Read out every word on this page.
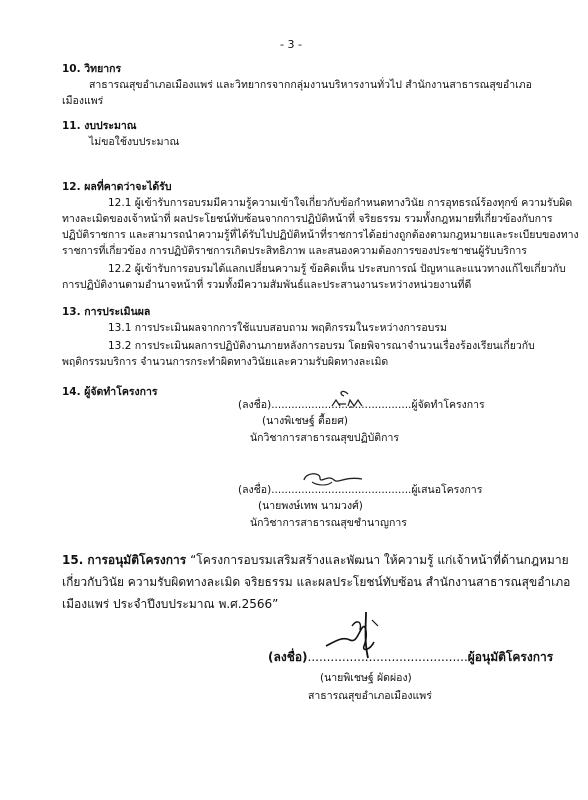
- 3 -
10. วิทยากร
สาธารณสุขอำเภอเมืองแพร่ และวิทยากรจากกลุ่มงานบริหารงานทั่วไป สำนักงานสาธารณสุขอำเภอ
เมืองแพร่
11. งบประมาณ
ไม่ขอใช้งบประมาณ
12. ผลที่คาดว่าจะได้รับ
12.1 ผู้เข้ารับการอบรมมีความรู้ความเข้าใจเกี่ยวกับข้อกำหนดทางวินัย การอุทธรณ์ร้องทุกข์ ความรับผิด
ทางละเมิดของเจ้าหน้าที่ ผลประโยชน์ทับซ้อนจากการปฏิบัติหน้าที่ จริยธรรม รวมทั้งกฎหมายที่เกี่ยวข้องกับการ
ปฏิบัติราชการ และสามารถนำความรู้ที่ได้รับไปปฏิบัติหน้าที่ราชการได้อย่างถูกต้องตามกฎหมายและระเบียบของทาง
ราชการที่เกี่ยวข้อง การปฏิบัติราชการเกิดประสิทธิภาพ และสนองความต้องการของประชาชนผู้รับบริการ
12.2 ผู้เข้ารับการอบรมได้แลกเปลี่ยนความรู้ ข้อคิดเห็น ประสบการณ์ ปัญหาและแนวทางแก้ไขเกี่ยวกับ
การปฏิบัติงานตามอำนาจหน้าที่ รวมทั้งมีความสัมพันธ์และประสานงานระหว่างหน่วยงานที่ดี
13. การประเมินผล
13.1 การประเมินผลจากการใช้แบบสอบถาม พฤติกรรมในระหว่างการอบรม
13.2 การประเมินผลการปฏิบัติงานภายหลังการอบรม โดยพิจารณาจำนวนเรื่องร้องเรียนเกี่ยวกับ
พฤติกรรมบริการ จำนวนการกระทำผิดทางวินัยและความรับผิดทางละเมิด
14. ผู้จัดทำโครงการ
(ลงชื่อ)..........................................ผู้จัดทำโครงการ
(นางพิเชษฐ์ ตื้อยศ)
นักวิชาการสาธารณสุขปฏิบัติการ
(ลงชื่อ)..........................................ผู้เสนอโครงการ
(นายพงษ์เทพ นามวงศ์)
นักวิชาการสาธารณสุขชำนาญการ
15. การอนุมัติโครงการ “โครงการอบรมเสริมสร้างและพัฒนา ให้ความรู้ แก่เจ้าหน้าที่ด้านกฎหมาย
เกี่ยวกับวินัย ความรับผิดทางละเมิด จริยธรรม และผลประโยชน์ทับซ้อน สำนักงานสาธารณสุขอำเภอ
เมืองแพร่ ประจำปีงบประมาณ พ.ศ.2566”
(ลงชื่อ)..........................................ผู้อนุมัติโครงการ
(นายพิเชษฐ์ ผัดผ่อง)
สาธารณสุขอำเภอเมืองแพร่
